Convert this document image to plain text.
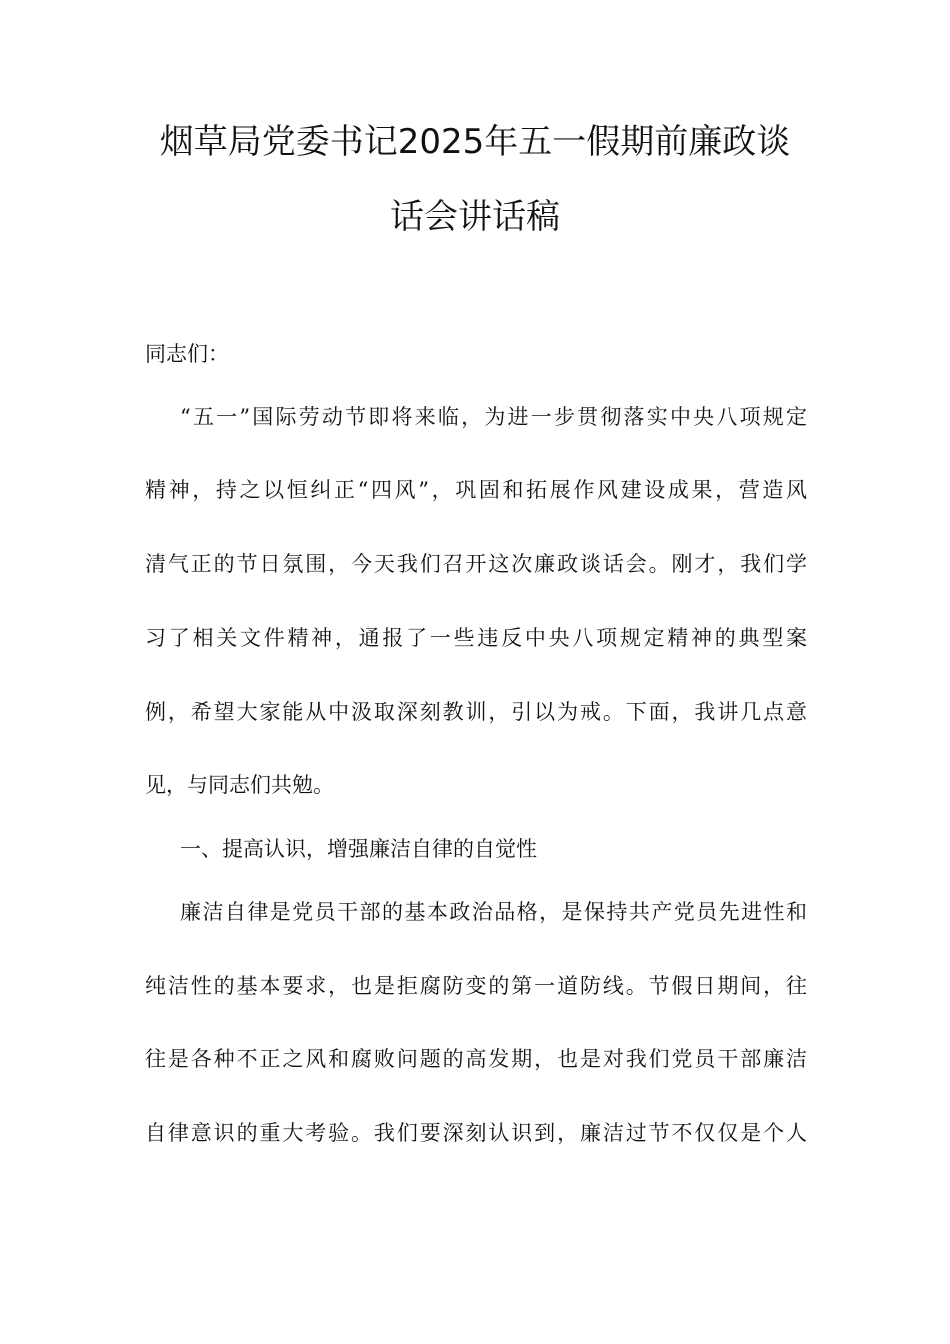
烟草局党委书记2025年五一假期前廉政谈
话会讲话稿
同志们：
“五一”国际劳动节即将来临，为进一步贯彻落实中央八项规定
精神，持之以恒纠正“四风”，巩固和拓展作风建设成果，营造风
清气正的节日氛围，今天我们召开这次廉政谈话会。刚才，我们学
习了相关文件精神，通报了一些违反中央八项规定精神的典型案
例，希望大家能从中汲取深刻教训，引以为戒。下面，我讲几点意
见，与同志们共勉。
一、提高认识，增强廉洁自律的自觉性
廉洁自律是党员干部的基本政治品格，是保持共产党员先进性和
纯洁性的基本要求，也是拒腐防变的第一道防线。节假日期间，往
往是各种不正之风和腐败问题的高发期，也是对我们党员干部廉洁
自律意识的重大考验。我们要深刻认识到，廉洁过节不仅仅是个人
